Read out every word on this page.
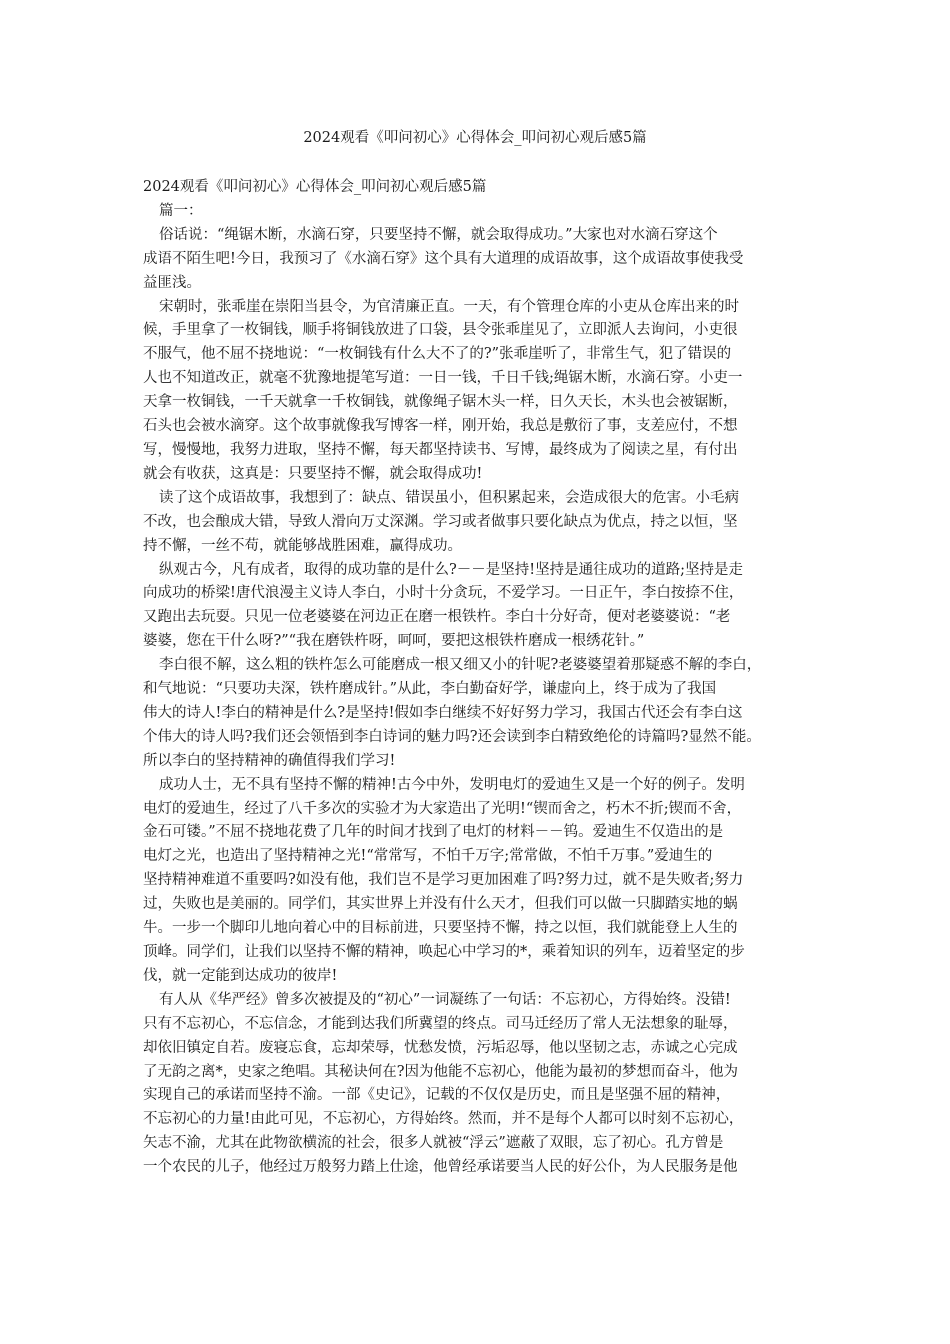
2024观看《叩问初心》心得体会_叩问初心观后感5篇
2024观看《叩问初心》心得体会_叩问初心观后感5篇
篇一：
俗话说：“绳锯木断，水滴石穿，只要坚持不懈，就会取得成功。”大家也对水滴石穿这个
成语不陌生吧!今日，我预习了《水滴石穿》这个具有大道理的成语故事，这个成语故事使我受
益匪浅。
宋朝时，张乖崖在崇阳当县令，为官清廉正直。一天，有个管理仓库的小吏从仓库出来的时
候，手里拿了一枚铜钱，顺手将铜钱放进了口袋，县令张乖崖见了，立即派人去询问，小吏很
不服气，他不屈不挠地说：“一枚铜钱有什么大不了的?”张乖崖听了，非常生气，犯了错误的
人也不知道改正，就毫不犹豫地提笔写道：一日一钱，千日千钱;绳锯木断，水滴石穿。小吏一
天拿一枚铜钱，一千天就拿一千枚铜钱，就像绳子锯木头一样，日久天长，木头也会被锯断，
石头也会被水滴穿。这个故事就像我写博客一样，刚开始，我总是敷衍了事，支差应付，不想
写，慢慢地，我努力进取，坚持不懈，每天都坚持读书、写博，最终成为了阅读之星，有付出
就会有收获，这真是：只要坚持不懈，就会取得成功!
读了这个成语故事，我想到了：缺点、错误虽小，但积累起来，会造成很大的危害。小毛病
不改，也会酿成大错，导致人滑向万丈深渊。学习或者做事只要化缺点为优点，持之以恒，坚
持不懈，一丝不苟，就能够战胜困难，赢得成功。
纵观古今，凡有成者，取得的成功靠的是什么?－－是坚持!坚持是通往成功的道路;坚持是走
向成功的桥梁!唐代浪漫主义诗人李白，小时十分贪玩，不爱学习。一日正午，李白按捺不住，
又跑出去玩耍。只见一位老婆婆在河边正在磨一根铁杵。李白十分好奇，便对老婆婆说：“老
婆婆，您在干什么呀?”“我在磨铁杵呀，呵呵，要把这根铁杵磨成一根绣花针。”
李白很不解，这么粗的铁杵怎么可能磨成一根又细又小的针呢?老婆婆望着那疑惑不解的李白，
和气地说：“只要功夫深，铁杵磨成针。”从此，李白勤奋好学，谦虚向上，终于成为了我国
伟大的诗人!李白的精神是什么?是坚持!假如李白继续不好好努力学习，我国古代还会有李白这
个伟大的诗人吗?我们还会领悟到李白诗词的魅力吗?还会读到李白精致绝伦的诗篇吗?显然不能。
所以李白的坚持精神的确值得我们学习!
成功人士，无不具有坚持不懈的精神!古今中外，发明电灯的爱迪生又是一个好的例子。发明
电灯的爱迪生，经过了八千多次的实验才为大家造出了光明!“锲而舍之，朽木不折;锲而不舍，
金石可镂。”不屈不挠地花费了几年的时间才找到了电灯的材料－－钨。爱迪生不仅造出的是
电灯之光，也造出了坚持精神之光!“常常写，不怕千万字;常常做，不怕千万事。”爱迪生的
坚持精神难道不重要吗?如没有他，我们岂不是学习更加困难了吗?努力过，就不是失败者;努力
过，失败也是美丽的。同学们，其实世界上并没有什么天才，但我们可以做一只脚踏实地的蜗
牛。一步一个脚印儿地向着心中的目标前进，只要坚持不懈，持之以恒，我们就能登上人生的
顶峰。同学们，让我们以坚持不懈的精神，唤起心中学习的*，乘着知识的列车，迈着坚定的步
伐，就一定能到达成功的彼岸!
有人从《华严经》曾多次被提及的“初心”一词凝练了一句话：不忘初心，方得始终。没错!
只有不忘初心，不忘信念，才能到达我们所冀望的终点。司马迁经历了常人无法想象的耻辱，
却依旧镇定自若。废寝忘食，忘却荣辱，忧愁发愤，污垢忍辱，他以坚韧之志，赤诚之心完成
了无韵之离*，史家之绝唱。其秘诀何在?因为他能不忘初心，他能为最初的梦想而奋斗，他为
实现自己的承诺而坚持不渝。一部《史记》，记载的不仅仅是历史，而且是坚强不屈的精神，
不忘初心的力量!由此可见，不忘初心，方得始终。然而，并不是每个人都可以时刻不忘初心，
矢志不渝，尤其在此物欲横流的社会，很多人就被“浮云”遮蔽了双眼，忘了初心。孔方曾是
一个农民的儿子，他经过万般努力踏上仕途，他曾经承诺要当人民的好公仆，为人民服务是他
